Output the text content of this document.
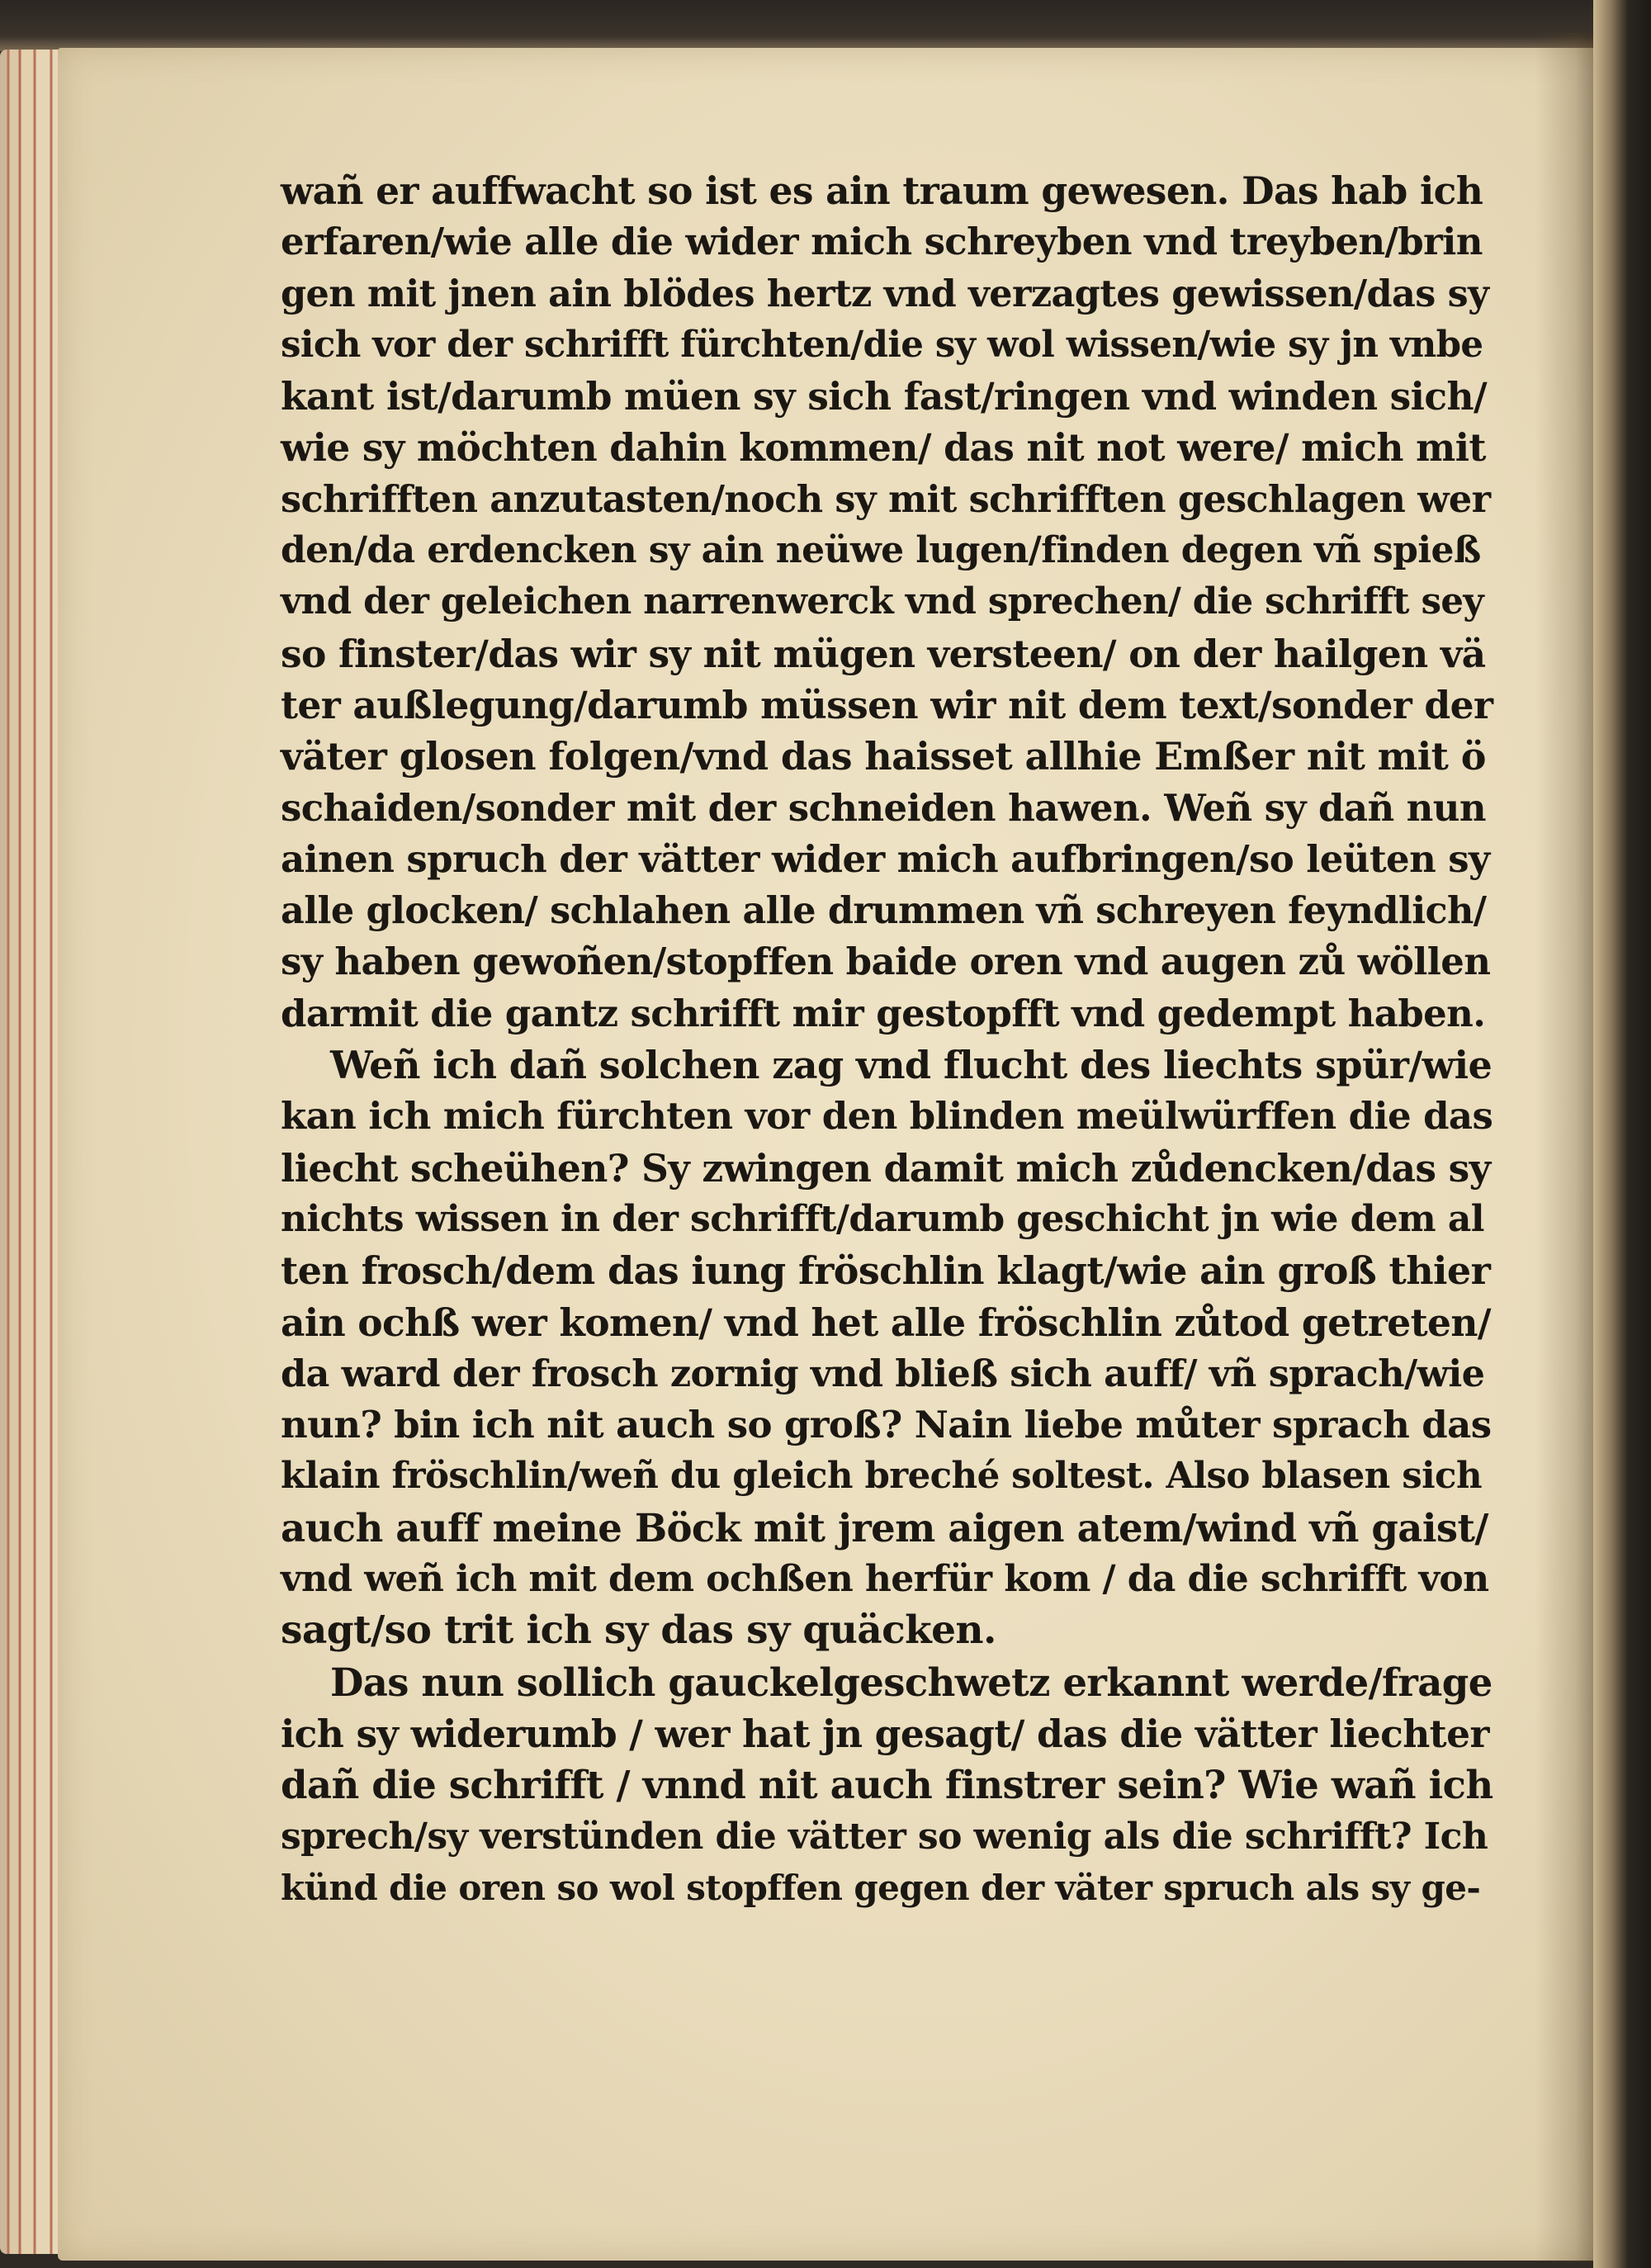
wañ er auffwacht so ist es ain traum gewesen. Das hab ich
erfaren/wie alle die wider mich schreyben vnd treyben/brin
gen mit jnen ain blödes hertz vnd verzagtes gewissen/das sy
sich vor der schrifft fürchten/die sy wol wissen/wie sy jn vnbe
kant ist/darumb müen sy sich fast/ringen vnd winden sich/
wie sy möchten dahin kommen/ das nit not were/ mich mit
schrifften anzutasten/noch sy mit schrifften geschlagen wer
den/da erdencken sy ain neüwe lugen/finden degen vñ spieß
vnd der geleichen narrenwerck vnd sprechen/ die schrifft sey
so finster/das wir sy nit mügen versteen/ on der hailgen vä
ter außlegung/darumb müssen wir nit dem text/sonder der
väter glosen folgen/vnd das haisset allhie Emßer nit mit ö
schaiden/sonder mit der schneiden hawen. Weñ sy dañ nun
ainen spruch der vätter wider mich aufbringen/so leüten sy
alle glocken/ schlahen alle drummen vñ schreyen feyndlich/
sy haben gewoñen/stopffen baide oren vnd augen zů wöllen
darmit die gantz schrifft mir gestopfft vnd gedempt haben.
Weñ ich dañ solchen zag vnd flucht des liechts spür/wie
kan ich mich fürchten vor den blinden meülwürffen die das
liecht scheühen? Sy zwingen damit mich zůdencken/das sy
nichts wissen in der schrifft/darumb geschicht jn wie dem al
ten frosch/dem das iung fröschlin klagt/wie ain groß thier
ain ochß wer komen/ vnd het alle fröschlin zůtod getreten/
da ward der frosch zornig vnd bließ sich auff/ vñ sprach/wie
nun? bin ich nit auch so groß? Nain liebe můter sprach das
klain fröschlin/weñ du gleich breché soltest. Also blasen sich
auch auff meine Böck mit jrem aigen atem/wind vñ gaist/
vnd weñ ich mit dem ochßen herfür kom / da die schrifft von
sagt/so trit ich sy das sy quäcken.
Das nun sollich gauckelgeschwetz erkannt werde/frage
ich sy widerumb / wer hat jn gesagt/ das die vätter liechter
dañ die schrifft / vnnd nit auch finstrer sein? Wie wañ ich
sprech/sy verstünden die vätter so wenig als die schrifft? Ich
künd die oren so wol stopffen gegen der väter spruch als sy ge-
